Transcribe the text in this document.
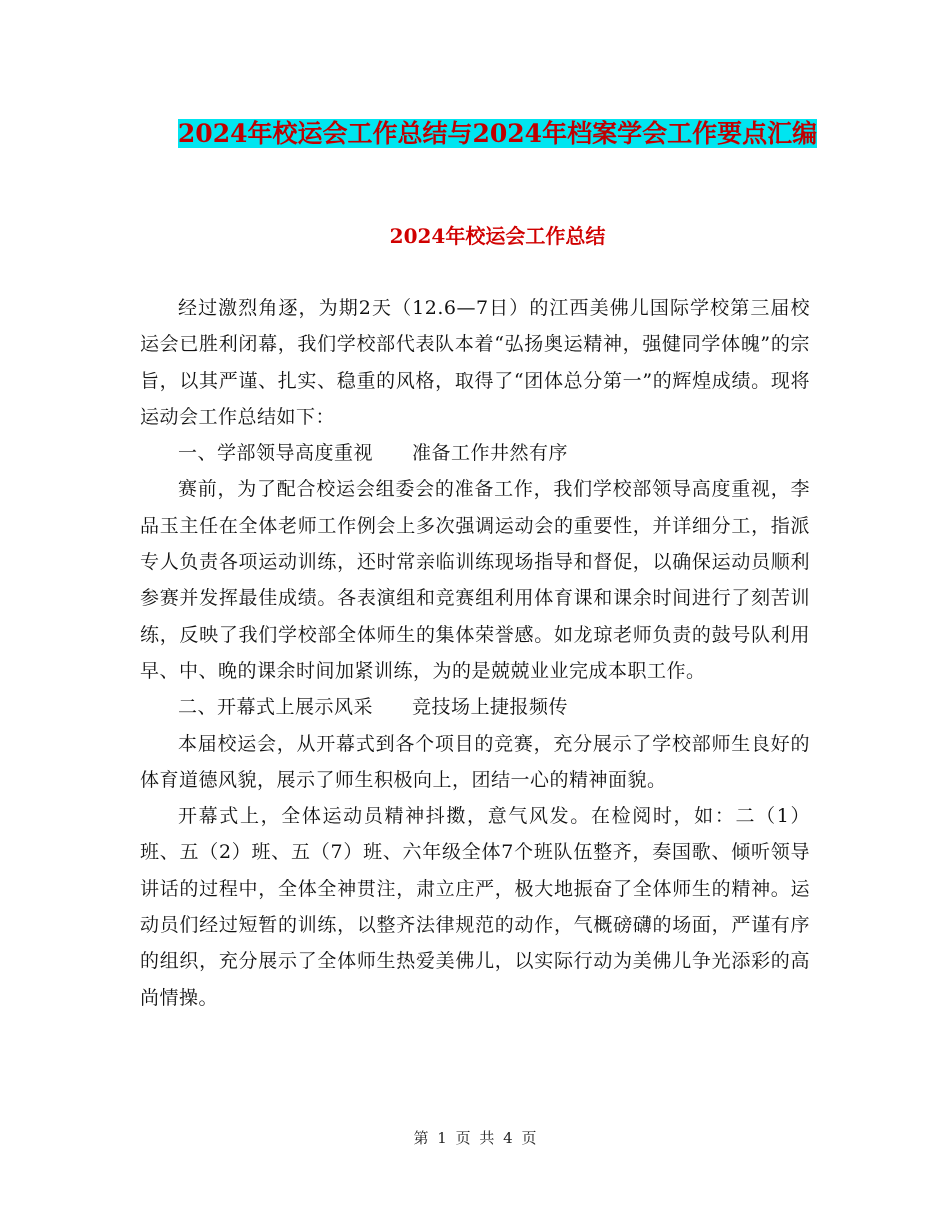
2024年校运会工作总结与2024年档案学会工作要点汇编
2024年校运会工作总结

经过激烈角逐，为期2天（12.6—7日）的江西美佛儿国际学校第三届校运会已胜利闭幕，我们学校部代表队本着“弘扬奥运精神，强健同学体魄”的宗旨，以其严谨、扎实、稳重的风格，取得了“团体总分第一”的辉煌成绩。现将运动会工作总结如下：

一、学部领导高度重视　　准备工作井然有序

赛前，为了配合校运会组委会的准备工作，我们学校部领导高度重视，李品玉主任在全体老师工作例会上多次强调运动会的重要性，并详细分工，指派专人负责各项运动训练，还时常亲临训练现场指导和督促，以确保运动员顺利参赛并发挥最佳成绩。各表演组和竞赛组利用体育课和课余时间进行了刻苦训练，反映了我们学校部全体师生的集体荣誉感。如龙琼老师负责的鼓号队利用早、中、晚的课余时间加紧训练，为的是兢兢业业完成本职工作。

二、开幕式上展示风采　　竞技场上捷报频传

本届校运会，从开幕式到各个项目的竞赛，充分展示了学校部师生良好的体育道德风貌，展示了师生积极向上，团结一心的精神面貌。

开幕式上，全体运动员精神抖擞，意气风发。在检阅时，如：二（1）班、五（2）班、五（7）班、六年级全体7个班队伍整齐，奏国歌、倾听领导讲话的过程中，全体全神贯注，肃立庄严，极大地振奋了全体师生的精神。运动员们经过短暂的训练，以整齐法律规范的动作，气概磅礴的场面，严谨有序的组织，充分展示了全体师生热爱美佛儿，以实际行动为美佛儿争光添彩的高尚情操。

第 1 页 共 4 页
